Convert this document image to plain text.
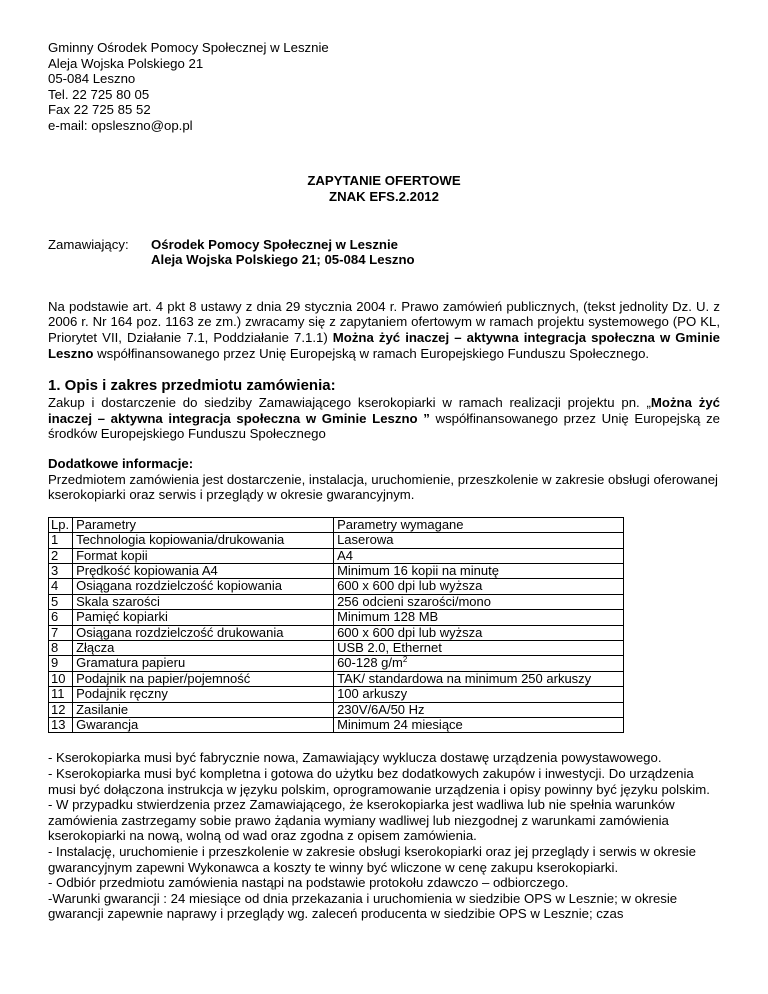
Gminny Ośrodek Pomocy Społecznej w Lesznie
Aleja Wojska Polskiego 21
05-084 Leszno
Tel. 22 725 80 05
Fax 22 725 85 52
e-mail: opsleszno@op.pl
ZAPYTANIE OFERTOWE
ZNAK EFS.2.2012
Zamawiający:	Ośrodek Pomocy Społecznej w Lesznie
Aleja Wojska Polskiego 21; 05-084 Leszno
Na podstawie art. 4 pkt 8 ustawy z dnia 29 stycznia 2004 r. Prawo zamówień publicznych, (tekst jednolity Dz. U. z 2006 r. Nr 164 poz. 1163 ze zm.) zwracamy się z zapytaniem ofertowym w ramach projektu systemowego (PO KL, Priorytet VII, Działanie 7.1, Poddziałanie 7.1.1) Można żyć inaczej – aktywna integracja społeczna w Gminie Leszno współfinansowanego przez Unię Europejską w ramach Europejskiego Funduszu Społecznego.
1. Opis i zakres przedmiotu zamówienia:
Zakup i dostarczenie do siedziby Zamawiającego kserokopiarki w ramach realizacji projektu pn. „Można żyć inaczej – aktywna integracja społeczna w Gminie Leszno ” współfinansowanego przez Unię Europejską ze środków Europejskiego Funduszu Społecznego
Dodatkowe informacje:
Przedmiotem zamówienia jest dostarczenie, instalacja, uruchomienie, przeszkolenie w zakresie obsługi oferowanej kserokopiarki oraz serwis i przeglądy w okresie gwarancyjnym.
Lp.	Parametry	Parametry wymagane
1	Technologia kopiowania/drukowania	Laserowa
2	Format kopii	A4
3	Prędkość kopiowania A4	Minimum 16 kopii na minutę
4	Osiągana rozdzielczość kopiowania	600 x 600 dpi lub wyższa
5	Skala szarości	256 odcieni szarości/mono
6	Pamięć kopiarki	Minimum 128 MB
7	Osiągana rozdzielczość drukowania	600 x 600 dpi lub wyższa
8	Złącza	USB 2.0, Ethernet
9	Gramatura papieru	60-128 $g/m^2$
10	Podajnik na papier/pojemność	TAK/ standardowa na minimum 250 arkuszy
11	Podajnik ręczny	100 arkuszy
12	Zasilanie	230V/6A/50 Hz
13	Gwarancja	Minimum 24 miesiące

- Kserokopiarka musi być fabrycznie nowa, Zamawiający wyklucza dostawę urządzenia powystawowego.

- Kserokopiarka musi być kompletna i gotowa do użytku bez dodatkowych zakupów i inwestycji. Do urządzenia musi być dołączona instrukcja w języku polskim, oprogramowanie urządzenia i opisy powinny być języku polskim.

- W przypadku stwierdzenia przez Zamawiającego, że kserokopiarka jest wadliwa lub nie spełnia warunków zamówienia zastrzegamy sobie prawo żądania wymiany wadliwej lub niezgodnej z warunkami zamówienia kserokopiarki na nową, wolną od wad oraz zgodna z opisem zamówienia.

- Instalację, uruchomienie i przeszkolenie w zakresie obsługi kserokopiarki oraz jej przeglądy i serwis w okresie gwarancyjnym zapewni Wykonawca a koszty te winny być wliczone w cenę zakupu kserokopiarki.

- Odbiór przedmiotu zamówienia nastąpi na podstawie protokołu zdawczo – odbiorczego.

-Warunki gwarancji : 24 miesiące od dnia przekazania i uruchomienia w siedzibie OPS w Lesznie; w okresie gwarancji zapewnie naprawy i przeglądy wg. zaleceń producenta w siedzibie OPS w Lesznie; czas
